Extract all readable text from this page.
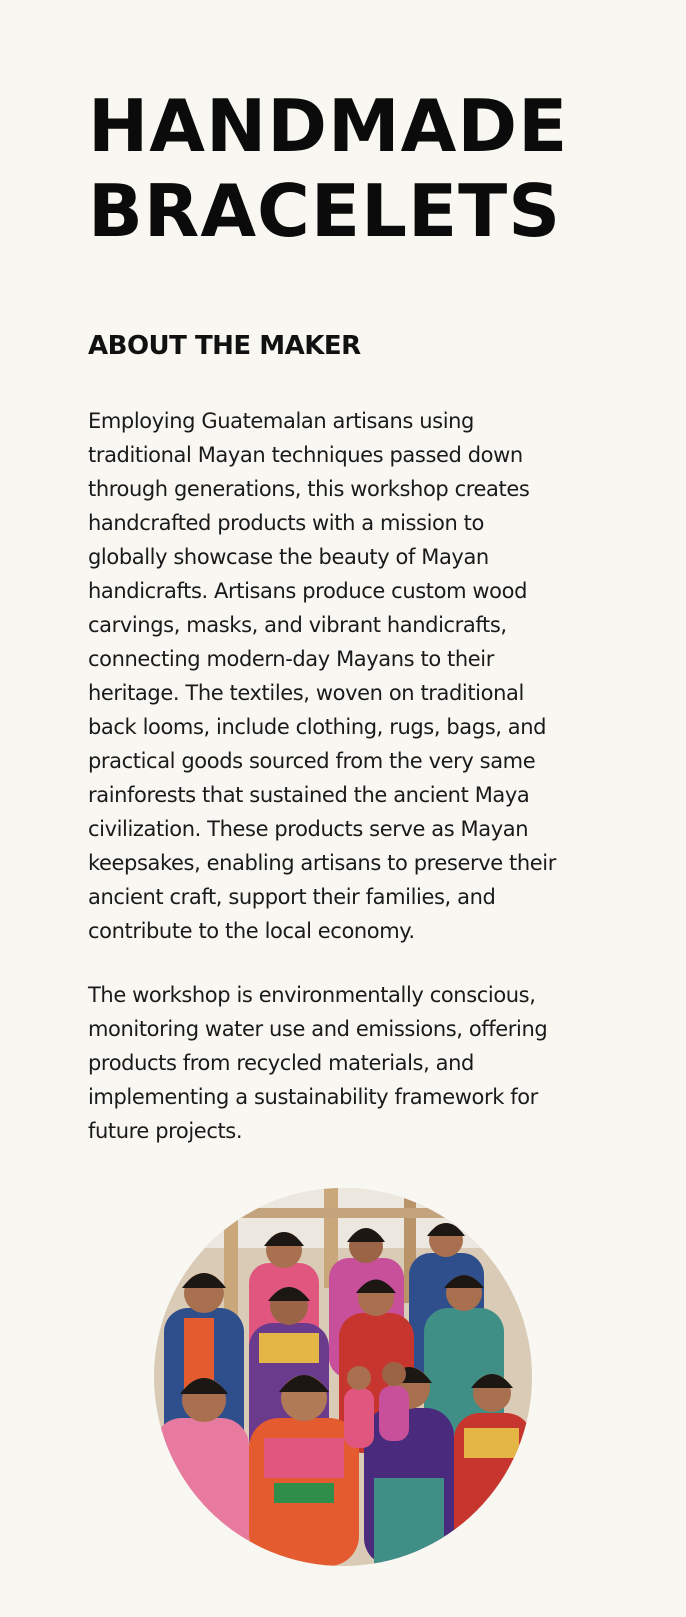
HANDMADE
BRACELETS
ABOUT THE MAKER

Employing Guatemalan artisans using
traditional Mayan techniques passed down
through generations, this workshop creates
handcrafted products with a mission to
globally showcase the beauty of Mayan
handicrafts. Artisans produce custom wood
carvings, masks, and vibrant handicrafts,
connecting modern-day Mayans to their
heritage. The textiles, woven on traditional
back looms, include clothing, rugs, bags, and
practical goods sourced from the very same
rainforests that sustained the ancient Maya
civilization. These products serve as Mayan
keepsakes, enabling artisans to preserve their
ancient craft, support their families, and
contribute to the local economy.

The workshop is environmentally conscious,
monitoring water use and emissions, offering
products from recycled materials, and
implementing a sustainability framework for
future projects.
